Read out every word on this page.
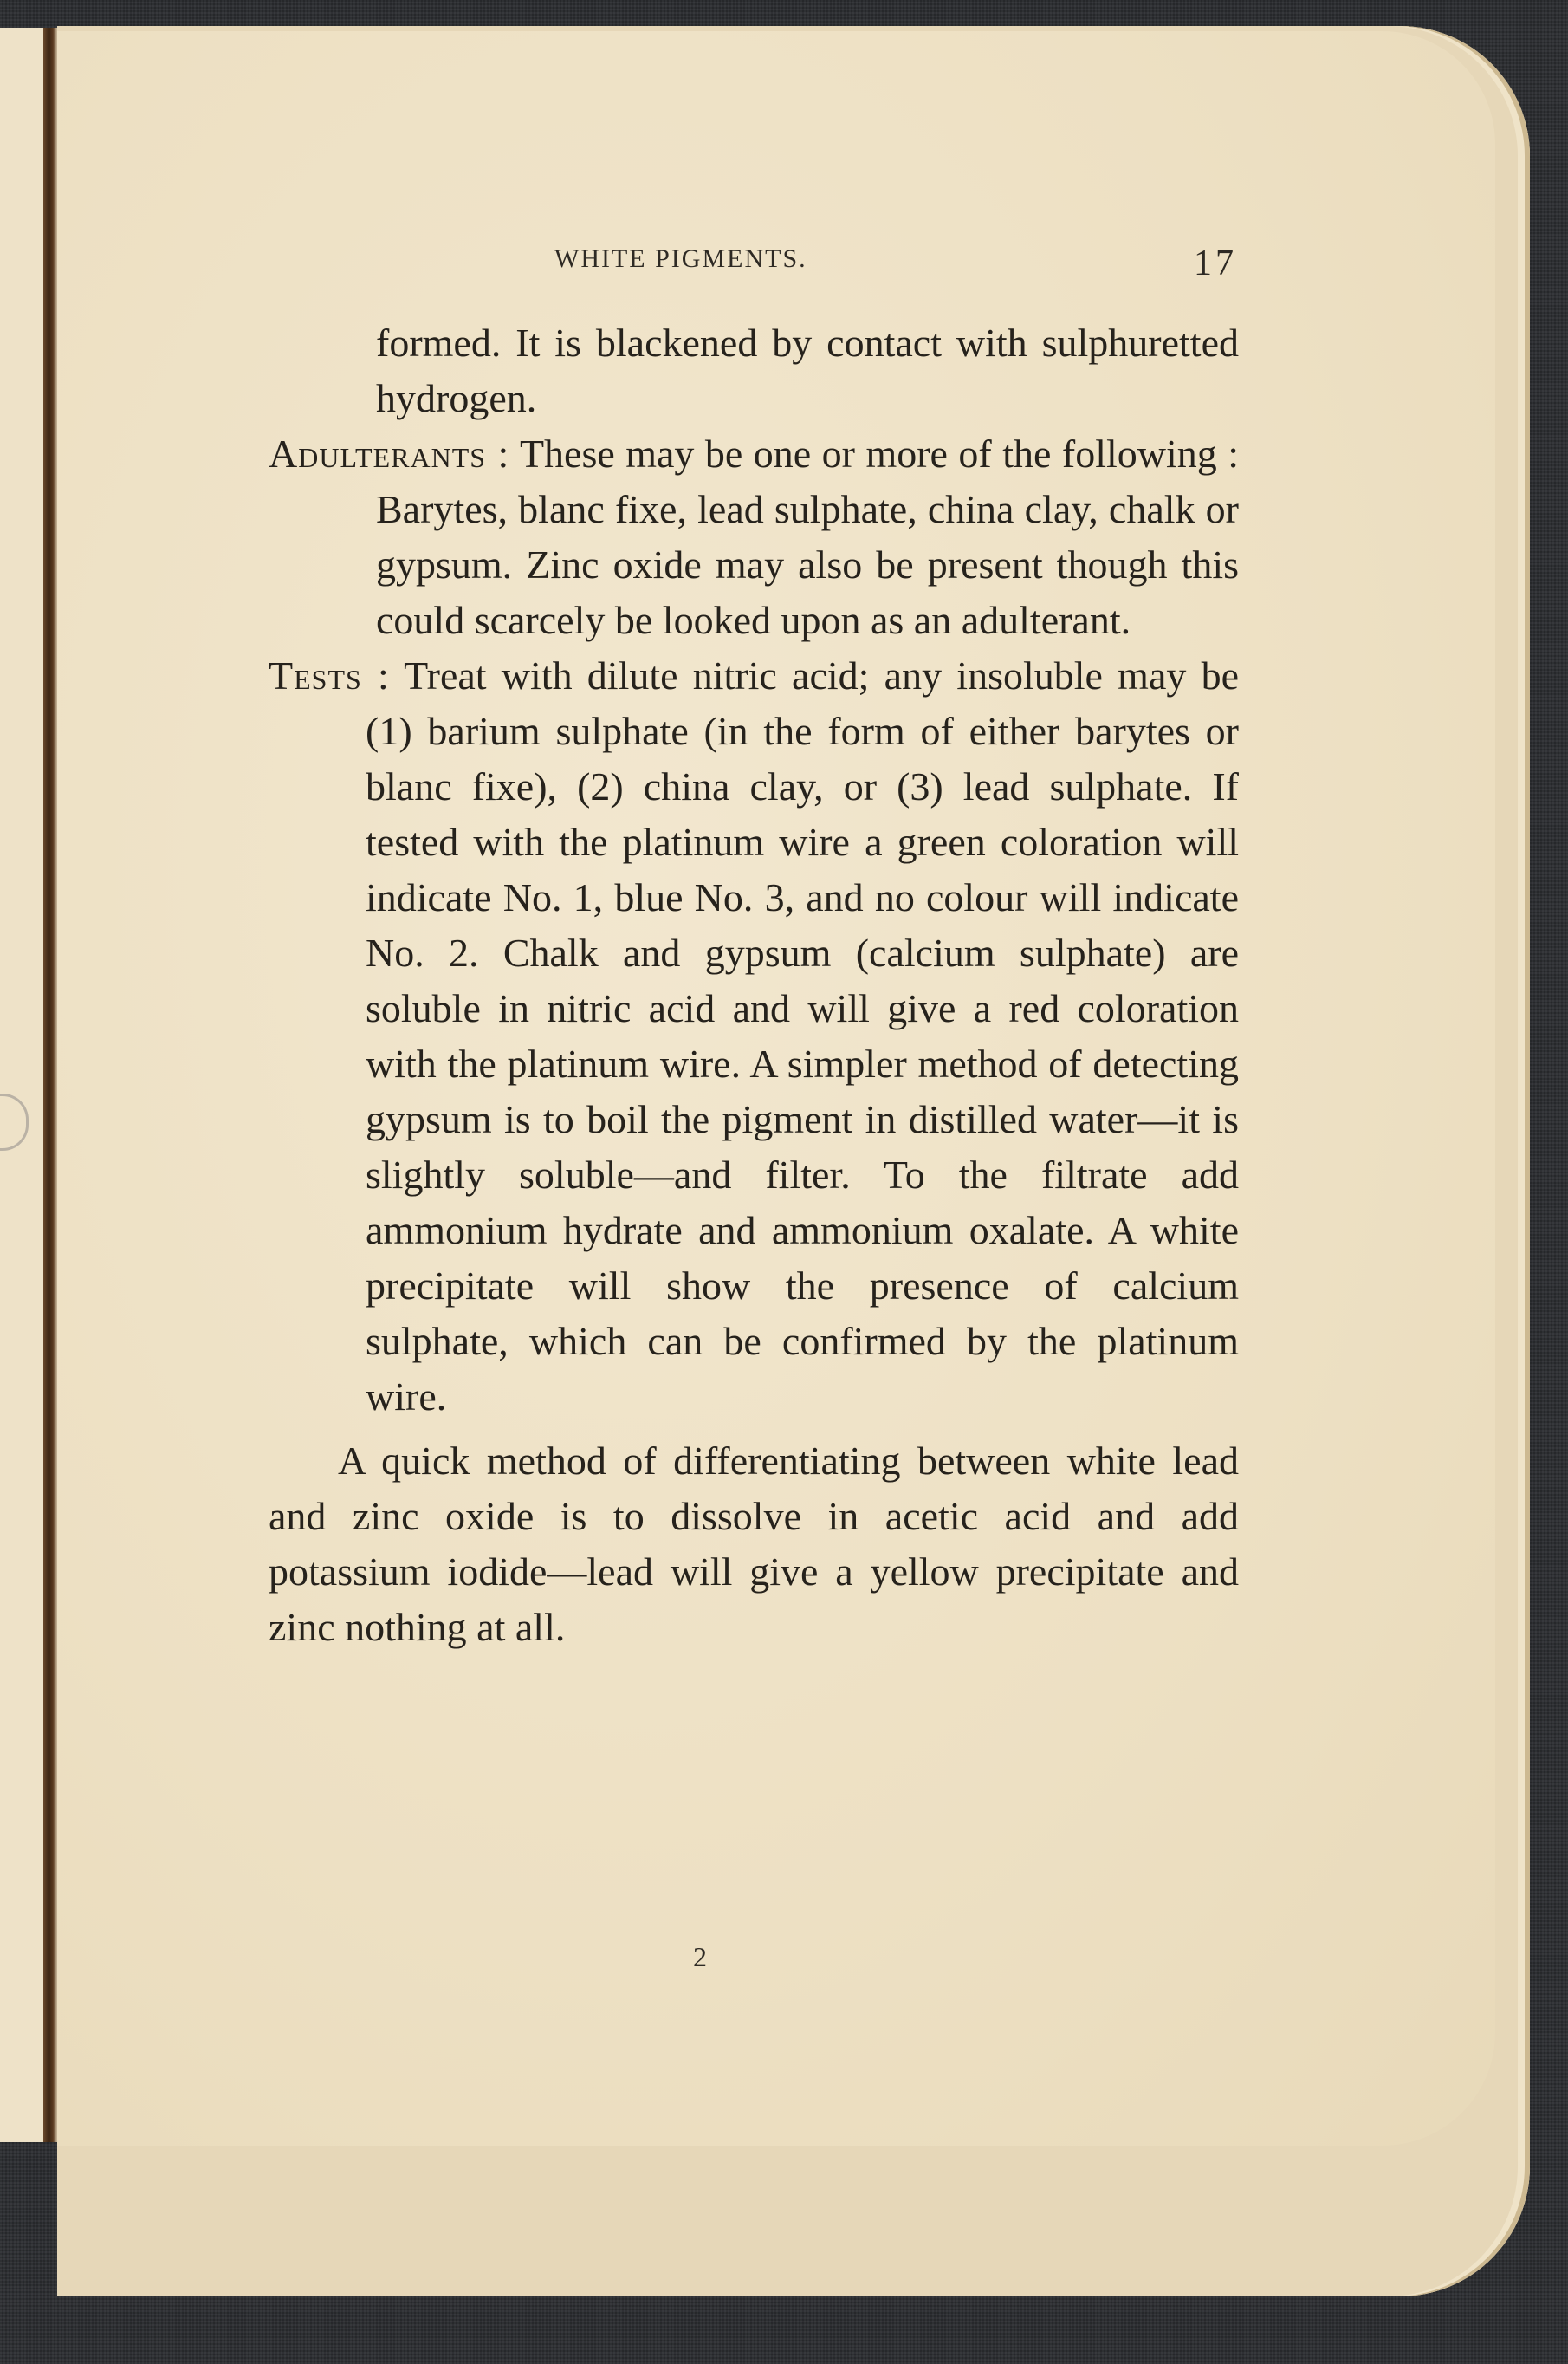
WHITE PIGMENTS.	17

formed. It is blackened by contact with sulphuretted hydrogen.

Adulterants : These may be one or more of the following : Barytes, blanc fixe, lead sulphate, china clay, chalk or gypsum. Zinc oxide may also be present though this could scarcely be looked upon as an adulterant.

Tests : Treat with dilute nitric acid; any insoluble may be (1) barium sulphate (in the form of either barytes or blanc fixe), (2) china clay, or (3) lead sulphate. If tested with the platinum wire a green coloration will indicate No. 1, blue No. 3, and no colour will indicate No. 2. Chalk and gypsum (calcium sulphate) are soluble in nitric acid and will give a red coloration with the platinum wire. A simpler method of detecting gypsum is to boil the pigment in distilled water—it is slightly soluble—and filter. To the filtrate add ammonium hydrate and ammonium oxalate. A white precipitate will show the presence of calcium sulphate, which can be confirmed by the platinum wire.

A quick method of differentiating between white lead and zinc oxide is to dissolve in acetic acid and add potassium iodide—lead will give a yellow precipitate and zinc nothing at all.

2
